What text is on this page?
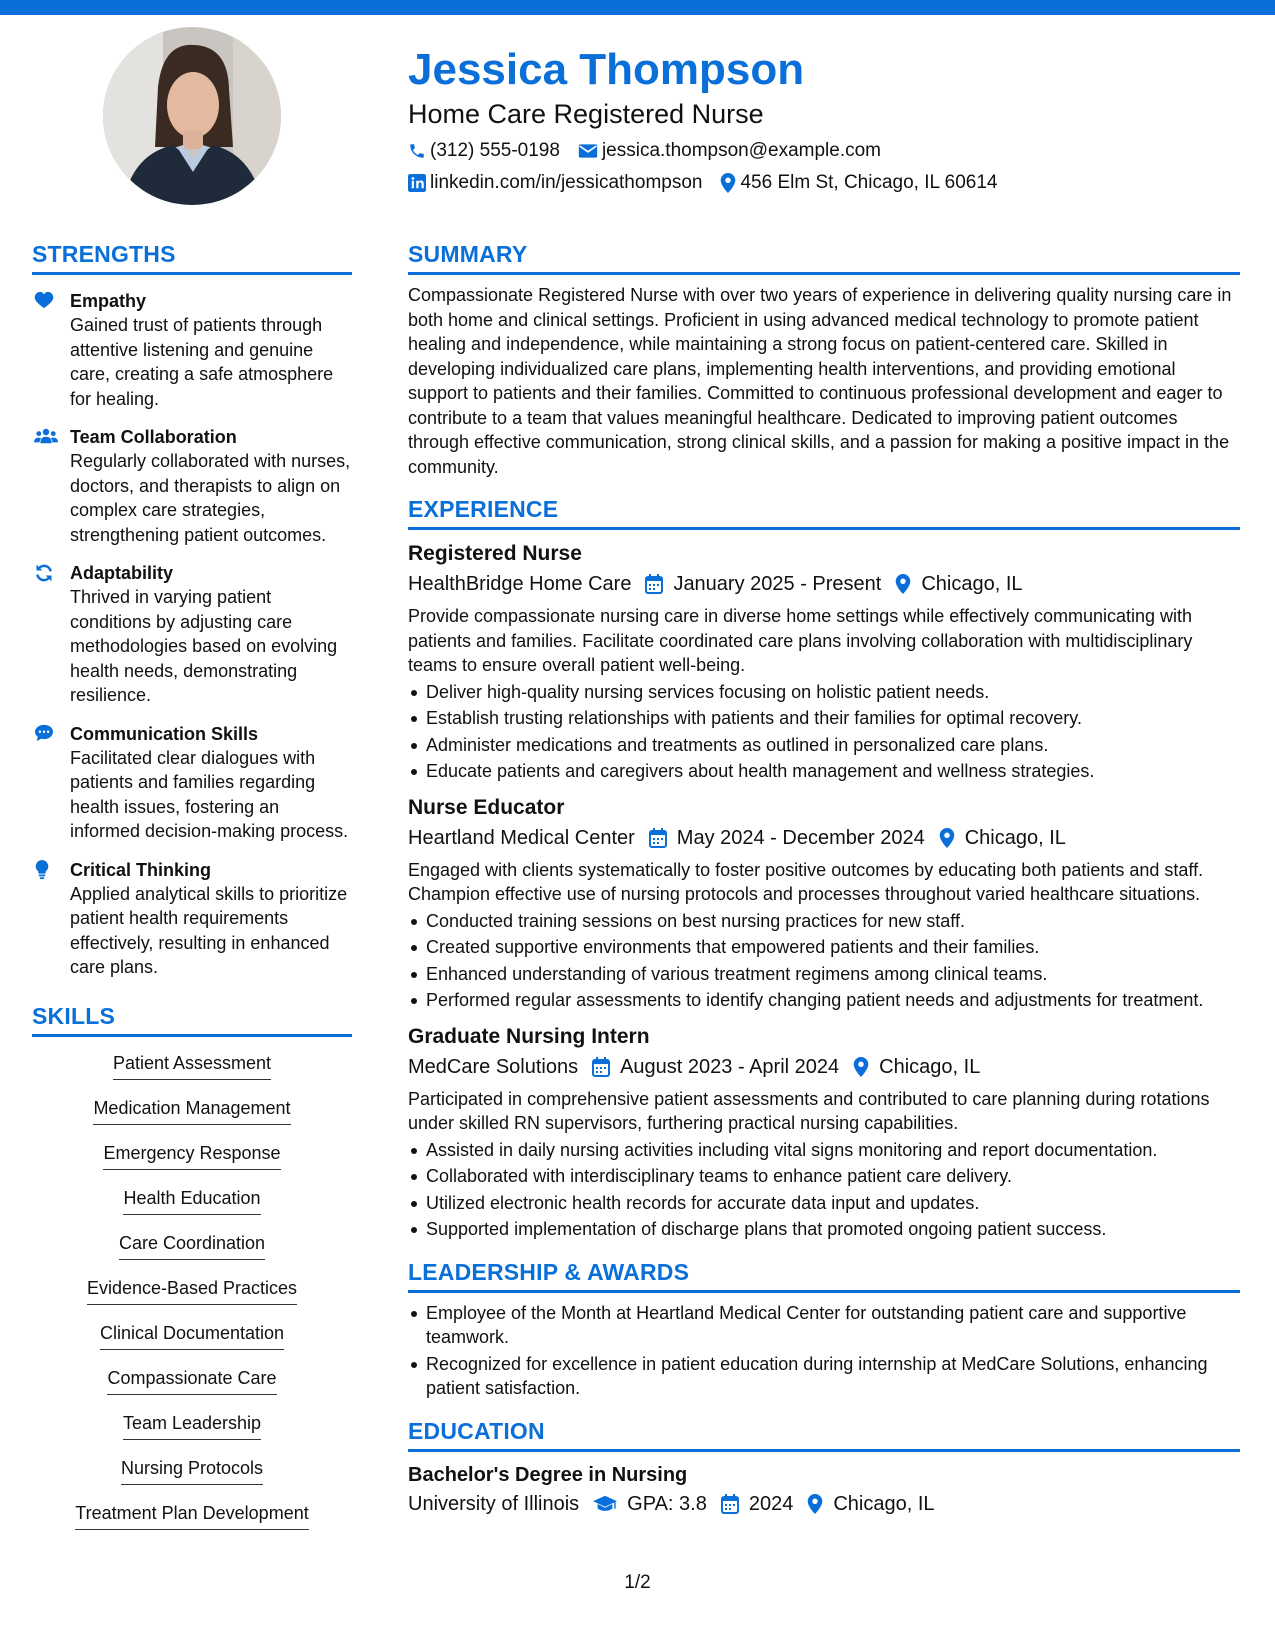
Jessica Thompson
Home Care Registered Nurse
(312) 555-0198 jessica.thompson@example.com
linkedin.com/in/jessicathompson 456 Elm St, Chicago, IL 60614
STRENGTHS
Empathy
Gained trust of patients through attentive listening and genuine care, creating a safe atmosphere for healing.
Team Collaboration
Regularly collaborated with nurses, doctors, and therapists to align on complex care strategies, strengthening patient outcomes.
Adaptability
Thrived in varying patient conditions by adjusting care methodologies based on evolving health needs, demonstrating resilience.
Communication Skills
Facilitated clear dialogues with patients and families regarding health issues, fostering an informed decision-making process.
Critical Thinking
Applied analytical skills to prioritize patient health requirements effectively, resulting in enhanced care plans.
SKILLS
Patient Assessment
Medication Management
Emergency Response
Health Education
Care Coordination
Evidence-Based Practices
Clinical Documentation
Compassionate Care
Team Leadership
Nursing Protocols
Treatment Plan Development
SUMMARY
Compassionate Registered Nurse with over two years of experience in delivering quality nursing care in both home and clinical settings. Proficient in using advanced medical technology to promote patient healing and independence, while maintaining a strong focus on patient-centered care. Skilled in developing individualized care plans, implementing health interventions, and providing emotional support to patients and their families. Committed to continuous professional development and eager to contribute to a team that values meaningful healthcare. Dedicated to improving patient outcomes through effective communication, strong clinical skills, and a passion for making a positive impact in the community.
EXPERIENCE
Registered Nurse
HealthBridge Home Care January 2025 - Present Chicago, IL
Provide compassionate nursing care in diverse home settings while effectively communicating with patients and families. Facilitate coordinated care plans involving collaboration with multidisciplinary teams to ensure overall patient well-being.
Deliver high-quality nursing services focusing on holistic patient needs.
Establish trusting relationships with patients and their families for optimal recovery.
Administer medications and treatments as outlined in personalized care plans.
Educate patients and caregivers about health management and wellness strategies.
Nurse Educator
Heartland Medical Center May 2024 - December 2024 Chicago, IL
Engaged with clients systematically to foster positive outcomes by educating both patients and staff. Champion effective use of nursing protocols and processes throughout varied healthcare situations.
Conducted training sessions on best nursing practices for new staff.
Created supportive environments that empowered patients and their families.
Enhanced understanding of various treatment regimens among clinical teams.
Performed regular assessments to identify changing patient needs and adjustments for treatment.
Graduate Nursing Intern
MedCare Solutions August 2023 - April 2024 Chicago, IL
Participated in comprehensive patient assessments and contributed to care planning during rotations under skilled RN supervisors, furthering practical nursing capabilities.
Assisted in daily nursing activities including vital signs monitoring and report documentation.
Collaborated with interdisciplinary teams to enhance patient care delivery.
Utilized electronic health records for accurate data input and updates.
Supported implementation of discharge plans that promoted ongoing patient success.
LEADERSHIP & AWARDS
Employee of the Month at Heartland Medical Center for outstanding patient care and supportive teamwork.
Recognized for excellence in patient education during internship at MedCare Solutions, enhancing patient satisfaction.
EDUCATION
Bachelor's Degree in Nursing
University of Illinois GPA: 3.8 2024 Chicago, IL
1/2
